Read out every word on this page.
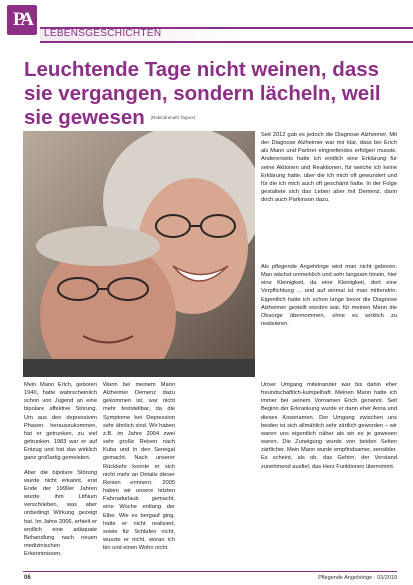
PA
LEBENSGESCHICHTEN
Leuchtende Tage nicht weinen, dass sie vergangen, sondern lächeln, weil sie gewesen $^{(Rabindranath Tagore)}$

Mein Mann Erich, geboren 1940, hatte wahrscheinlich schon von Jugend an eine bipolare affektive Störung. Um aus den depressiven Phasen herauszukommen, hat er getrunken, zu viel getrunken. 1983 war er auf Entzug und hat das wirklich ganz großartig gemeistert.

Aber die bipolare Störung wurde nicht erkannt, erst Ende der 1990er Jahren wurde ihm Lithium verschrieben, was aber unbedingt Wirkung gezeigt hat. Im Jahre 2006, erhielt er endlich eine adäquate Behandlung nach neuen medizinischen Erkenntnissen.

Wann bei meinem Mann Alzheimer Demenz dazu gekommen ist, war nicht mehr feststellbar, da die Symptome bei Depression sehr ähnlich sind. Wir haben z.B. im Jahre 2004 zwei sehr große Reisen nach Kuba und in den Senegal gemacht. Nach unserer Rückkehr konnte er sich nicht mehr an Details dieser Reisen erinnern. 2005 haben wir unsere letzten Fahrradurlaub gemacht, eine Woche entlang der Elbe. Wie es bergauf ging, hatte er nicht realisiert, sowie für Schlafen nicht, wusste er nicht, woran ich bin und einen Wohn nicht.

Seit 2012 gab es jedoch die Diagnose Alzheimer. Mit der Diagnose Alzheimer war mir klar, dass bei Erich als Mann und Partner eingreifendes erfolgen musste. Andererseits hatte ich endlich eine Erklärung für seine Aktionen und Reaktionen, für welche ich keine Erklärung hatte, über die ich mich oft gewundert und für die ich mich auch oft geschämt hatte. In der Folge gestaltete sich das Leben aber mit Demenz, dann doch auch Parkinson dazu.

Als pflegende Angehörige wird man nicht geboren. Man wächst unmerklich und sehr langsam hinein, hier eine Kleinigkeit, da eine Kleinigkeit, dort eine Verpflichtung ... und auf einmal ist man mittendrin. Eigentlich hatte ich schon lange bevor die Diagnose Alzheimer gestellt worden war, für meinen Mann die Obsorge übernommen, ohne es wirklich zu realisieren.

Unser Umgang miteinander war bis dahin eher freundschaftlich-kumpelhaft. Meinen Mann hatte ich immer bei seinem Vornamen Erich genannt. Seit Beginn der Erkrankung wurde er dann eher Anna und dieses Kosenamen. Der Umgang zwischen uns beiden ist sich allmählich sehr zärtlich geworden – wir waren uns eigentlich näher als wir es je gewesen waren. Die Zuneigung wurde von beiden Seiten zärtlicher. Mein Mann wurde empfindsamer, sensibler. Es scheint, als ob, das Gehirn, der Verstand zunehmend ausfiel, das Herz Funktionen übernimmt.

06	Pflegende Angehörige · 03/2019
